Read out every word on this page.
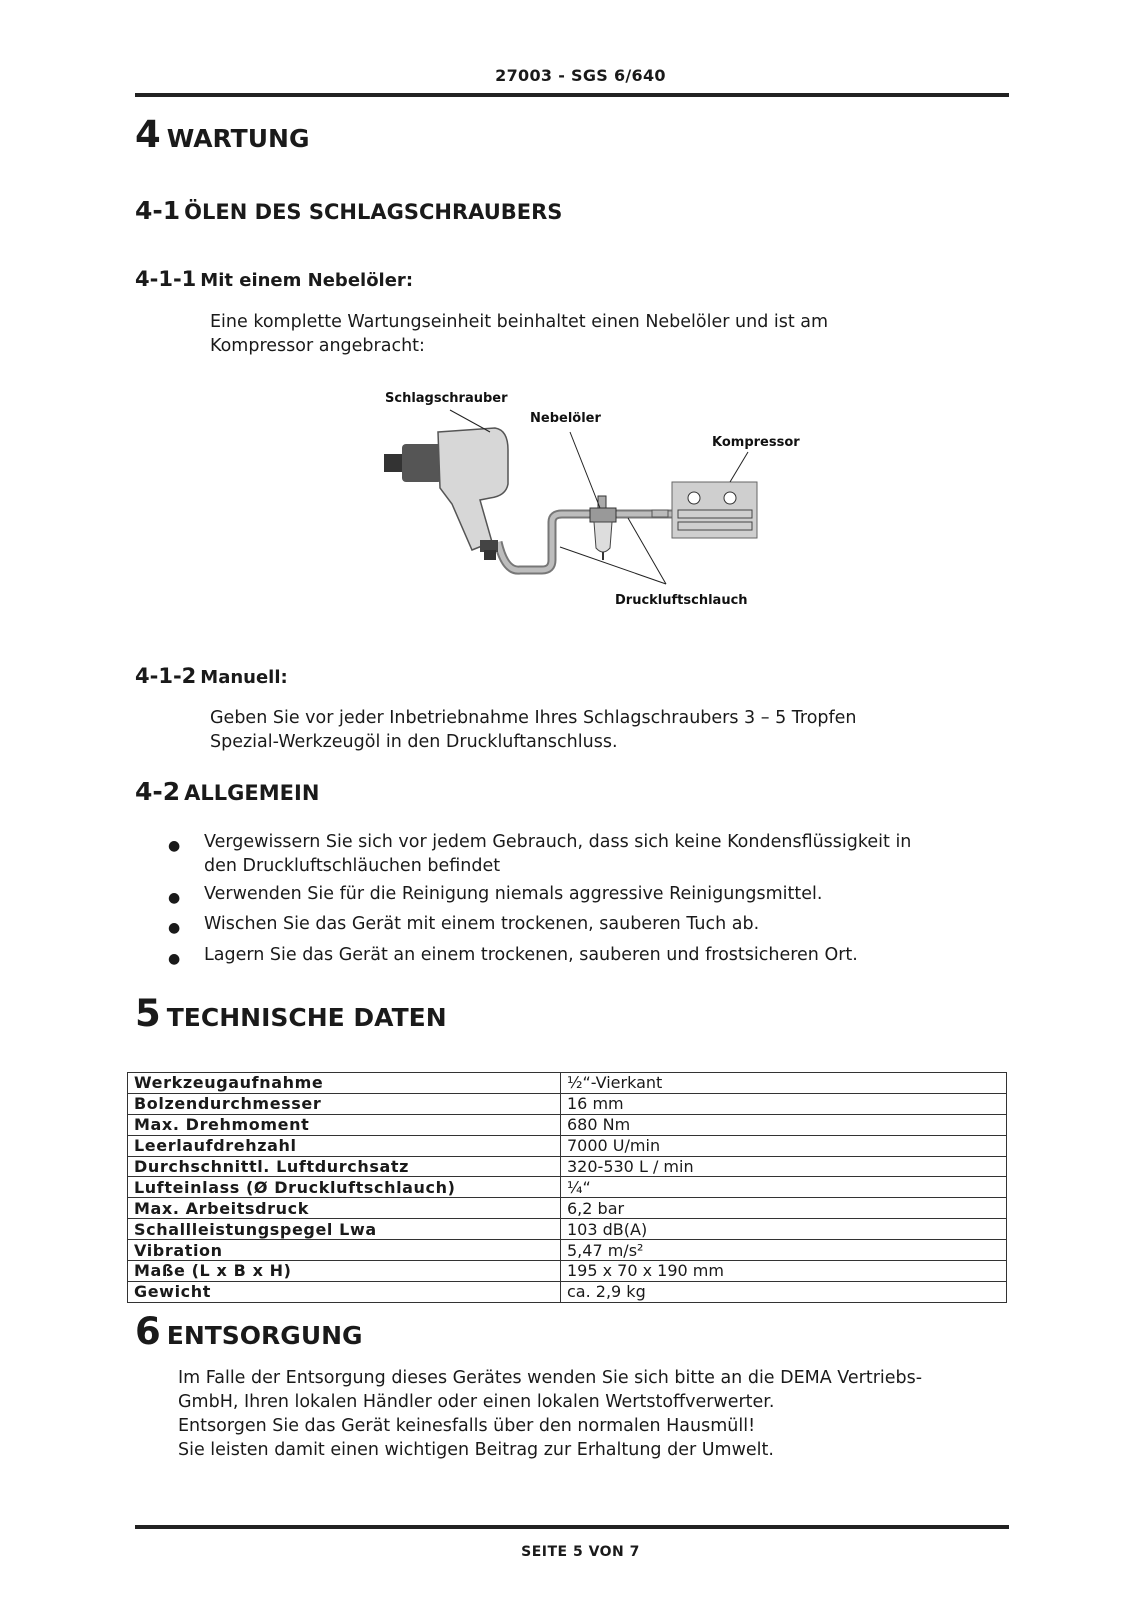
27003 - SGS 6/640
4 WARTUNG
4-1 ÖLEN DES SCHLAGSCHRAUBERS
4-1-1 Mit einem Nebelöler:
Eine komplette Wartungseinheit beinhaltet einen Nebelöler und ist am
Kompressor angebracht:
Schlagschrauber
Nebelöler
Kompressor
Druckluftschlauch
4-1-2 Manuell:
Geben Sie vor jeder Inbetriebnahme Ihres Schlagschraubers 3 – 5 Tropfen
Spezial-Werkzeugöl in den Druckluftanschluss.
4-2 ALLGEMEIN
● Vergewissern Sie sich vor jedem Gebrauch, dass sich keine Kondensflüssigkeit in
den Druckluftschläuchen befindet
● Verwenden Sie für die Reinigung niemals aggressive Reinigungsmittel.
● Wischen Sie das Gerät mit einem trockenen, sauberen Tuch ab.
● Lagern Sie das Gerät an einem trockenen, sauberen und frostsicheren Ort.
5 TECHNISCHE DATEN
Werkzeugaufnahme	½“-Vierkant
Bolzendurchmesser	16 mm
Max. Drehmoment	680 Nm
Leerlaufdrehzahl	7000 U/min
Durchschnittl. Luftdurchsatz	320-530 L / min
Lufteinlass (Ø Druckluftschlauch)	¼“
Max. Arbeitsdruck	6,2 bar
Schallleistungspegel Lwa	103 dB(A)
Vibration	5,47 m/s²
Maße (L x B x H)	195 x 70 x 190 mm
Gewicht	ca. 2,9 kg
6 ENTSORGUNG
Im Falle der Entsorgung dieses Gerätes wenden Sie sich bitte an die DEMA Vertriebs-
GmbH, Ihren lokalen Händler oder einen lokalen Wertstoffverwerter.
Entsorgen Sie das Gerät keinesfalls über den normalen Hausmüll!
Sie leisten damit einen wichtigen Beitrag zur Erhaltung der Umwelt.
SEITE 5 VON 7
